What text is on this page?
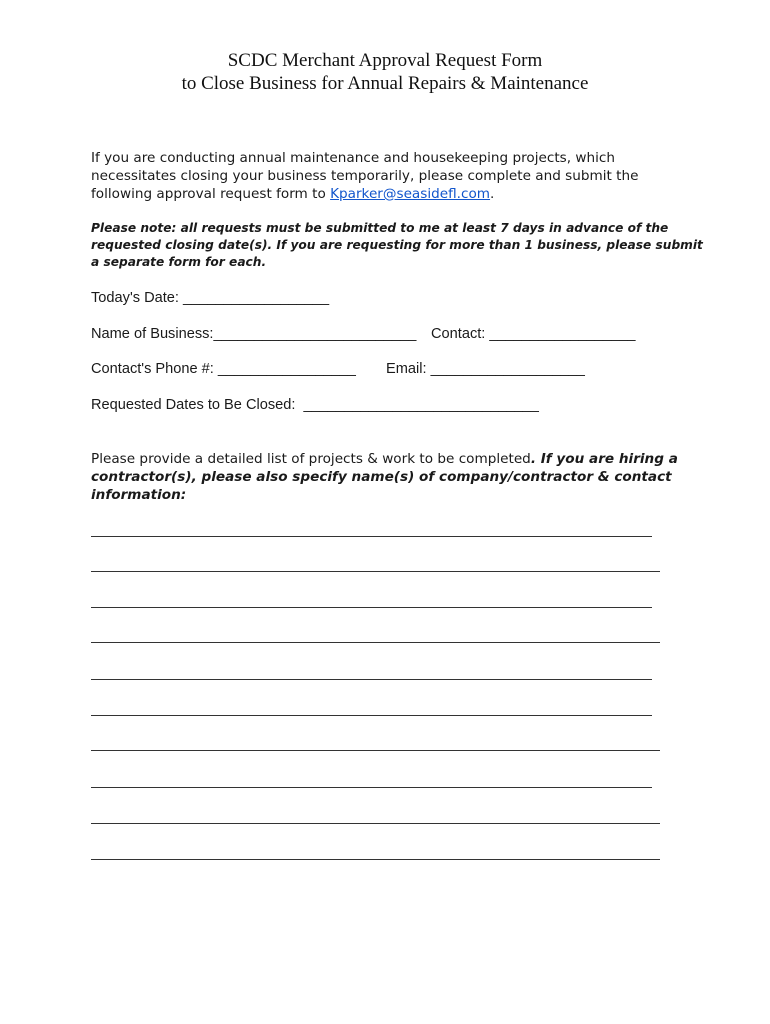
SCDC Merchant Approval Request Form
to Close Business for Annual Repairs & Maintenance

If you are conducting annual maintenance and housekeeping projects, which
necessitates closing your business temporarily, please complete and submit the
following approval request form to Kparker@seasidefl.com.

Please note: all requests must be submitted to me at least 7 days in advance of the
requested closing date(s). If you are requesting for more than 1 business, please submit
a separate form for each.

Today's Date: __________________
Name of Business:_________________________ Contact: __________________
Contact's Phone #: _________________ Email: ___________________
Requested Dates to Be Closed:  _____________________________

Please provide a detailed list of projects & work to be completed. If you are hiring a
contractor(s), please also specify name(s) of company/contractor & contact
information:
